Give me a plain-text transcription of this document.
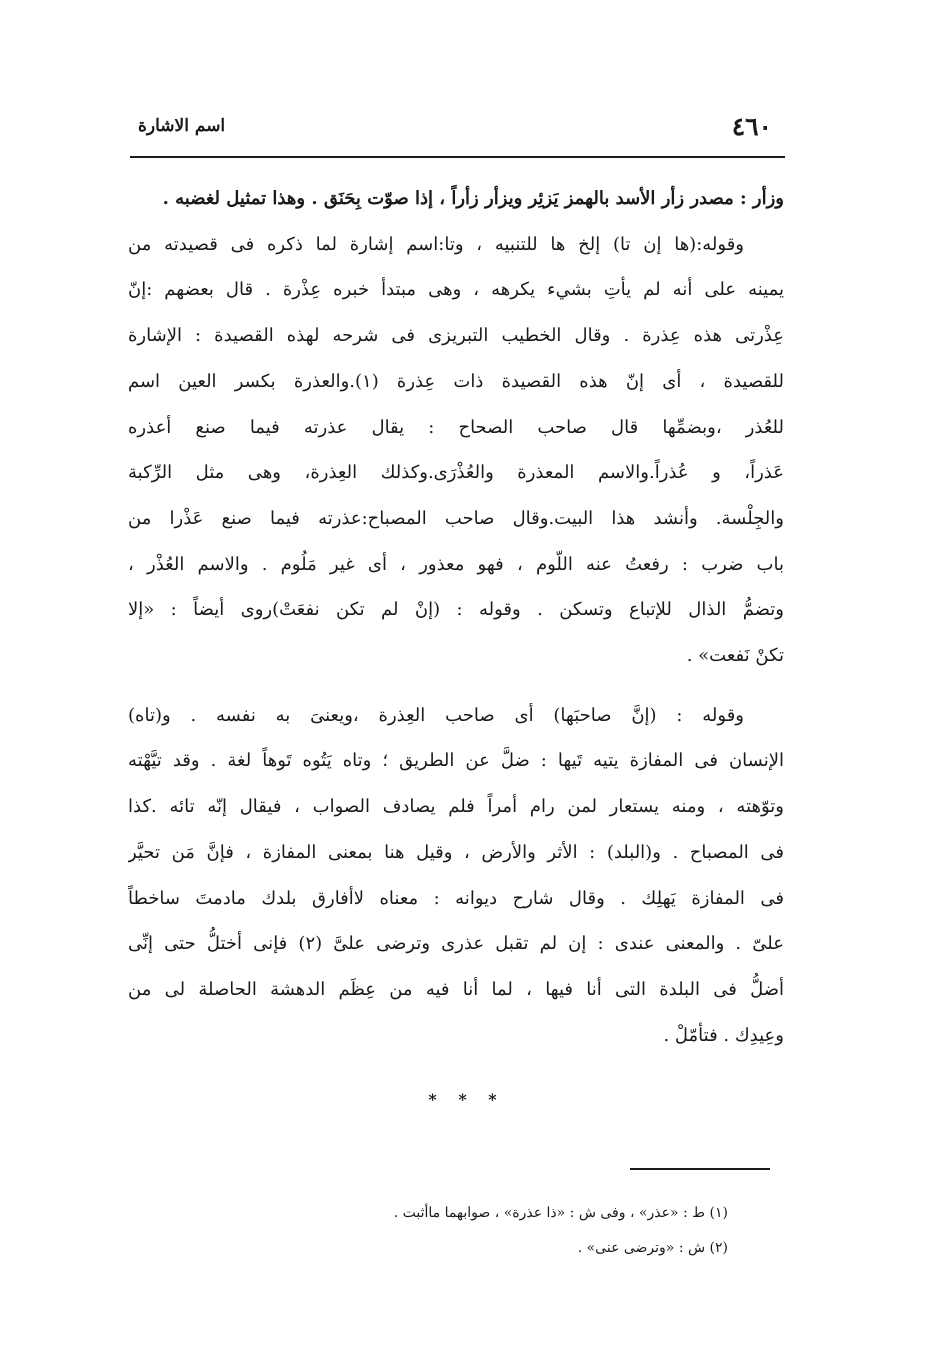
٤٦٠
اسم الاشارة

وزأر : مصدر زأر الأسد بالهمز يَزئِر ويزأر زأراً ، إذا صوّت بِحَنَق . وهذا تمثيل لغضبه .

وقوله:(ها إن تا) إلخ ها للتنبيه ، وتا:اسم إشارة لما ذكره فى قصيدته من
يمينه على أنه لم يأتِ بشيء يكرهه ، وهى مبتدأ خبره عِذْرة . قال بعضهم :إنّ
عِذْرتى هذه عِذرة . وقال الخطيب التبريزى فى شرحه لهذه القصيدة : الإشارة
للقصيدة ، أى إنّ هذه القصيدة ذات عِذرة (١).والعذرة بكسر العين اسم
للعُذر ،وبضمِّها قال صاحب الصحاح : يقال عذرته فيما صنع أعذره
عَذراً، و عُذراً.والاسم المعذرة والعُذْرَى.وكذلك العِذرة، وهى مثل الرِّكبة
والجِلْسة. وأنشد هذا البيت.وقال صاحب المصباح:عذرته فيما صنع عَذْرا من
باب ضرب : رفعتُ عنه اللّوم ، فهو معذور ، أى غير مَلُوم . والاسم العُذْر ،
وتضمُّ الذال للإتباع وتسكن . وقوله : (إنْ لم تكن نفعَتْ)روى أيضاً : «إلا
تكنْ نَفعت» .

وقوله : (إنَّ صاحبَها) أى صاحب العِذرة ،ويعنىَ به نفسه . و(تاه)
الإنسان فى المفازة يتيه تَيها : ضلَّ عن الطريق ؛ وتاه يَتُوه تَوهاً لغة . وقد تيَّهْته
وتوّهته ، ومنه يستعار لمن رام أمراً فلم يصادف الصواب ، فيقال إنّه تائه .كذا
فى المصباح . و(البلد) : الأثر والأرض ، وقيل هنا بمعنى المفازة ، فإنَّ مَن تحيَّر
فى المفازة يَهلِك . وقال شارح ديوانه : معناه لاأفارق بلدك مادمتَ ساخطاً
علىّ . والمعنى عندى : إن لم تقبل عذرى وترضى علىَّ (٢) فإنى أختلُّ حتى إنِّى
أضلُّ فى البلدة التى أنا فيها ، لما أنا فيه من عِظَم الدهشة الحاصلة لى من
وعِيدِك . فتأمّلْ .

* * *
(١) ط : «عذر» ، وفى ش : «ذا عذرة» ، صوابهما ماأثبت .
(٢) ش : «وترضى عنى» .
